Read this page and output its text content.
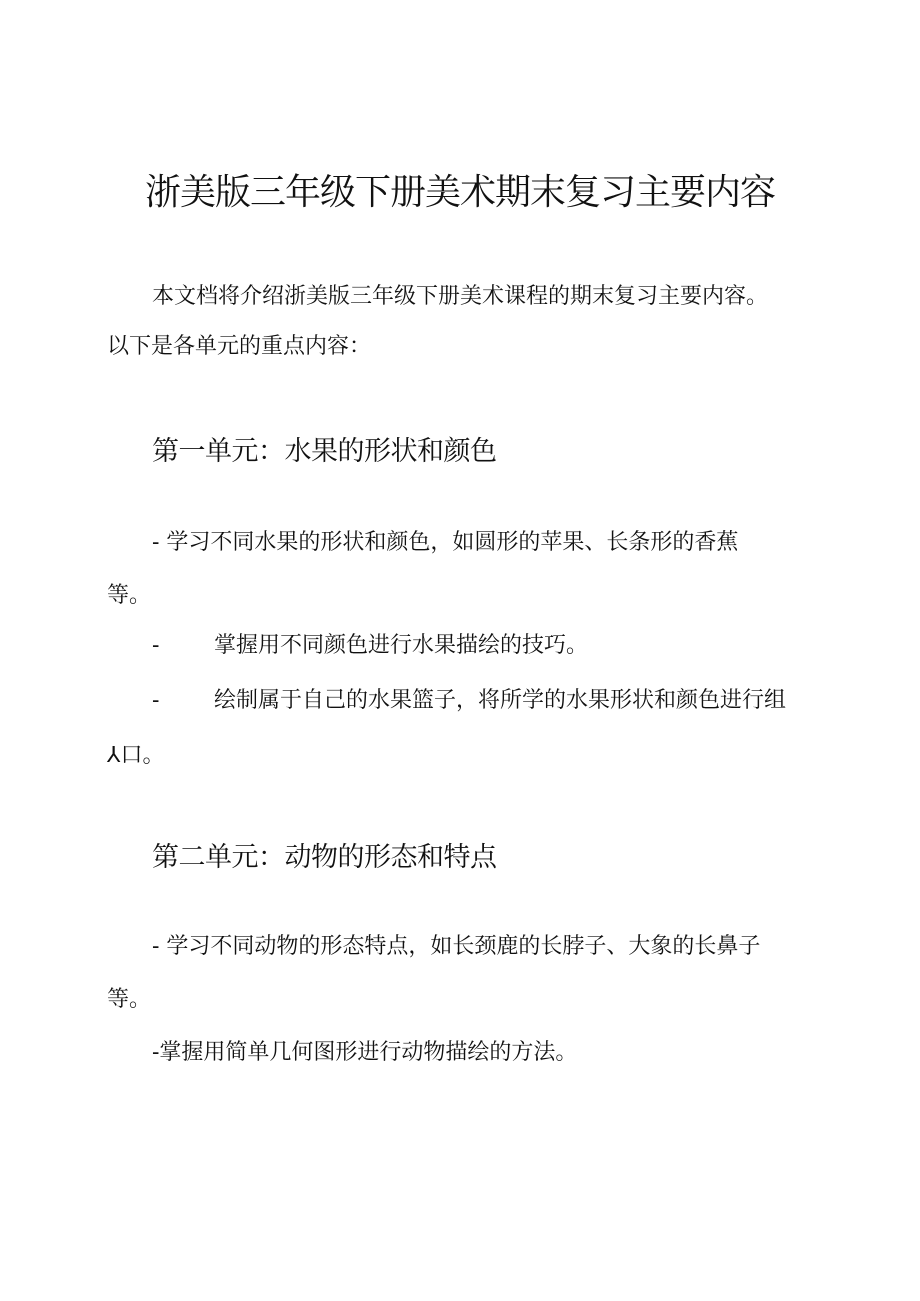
浙美版三年级下册美术期末复习主要内容
本文档将介绍浙美版三年级下册美术课程的期末复习主要内容。
以下是各单元的重点内容：
第一单元：水果的形状和颜色
- 学习不同水果的形状和颜色，如圆形的苹果、长条形的香蕉
等。
- 掌握用不同颜色进行水果描绘的技巧。
- 绘制属于自己的水果篮子，将所学的水果形状和颜色进行组
⅄口。
第二单元：动物的形态和特点
- 学习不同动物的形态特点，如长颈鹿的长脖子、大象的长鼻子
等。
-掌握用简单几何图形进行动物描绘的方法。
